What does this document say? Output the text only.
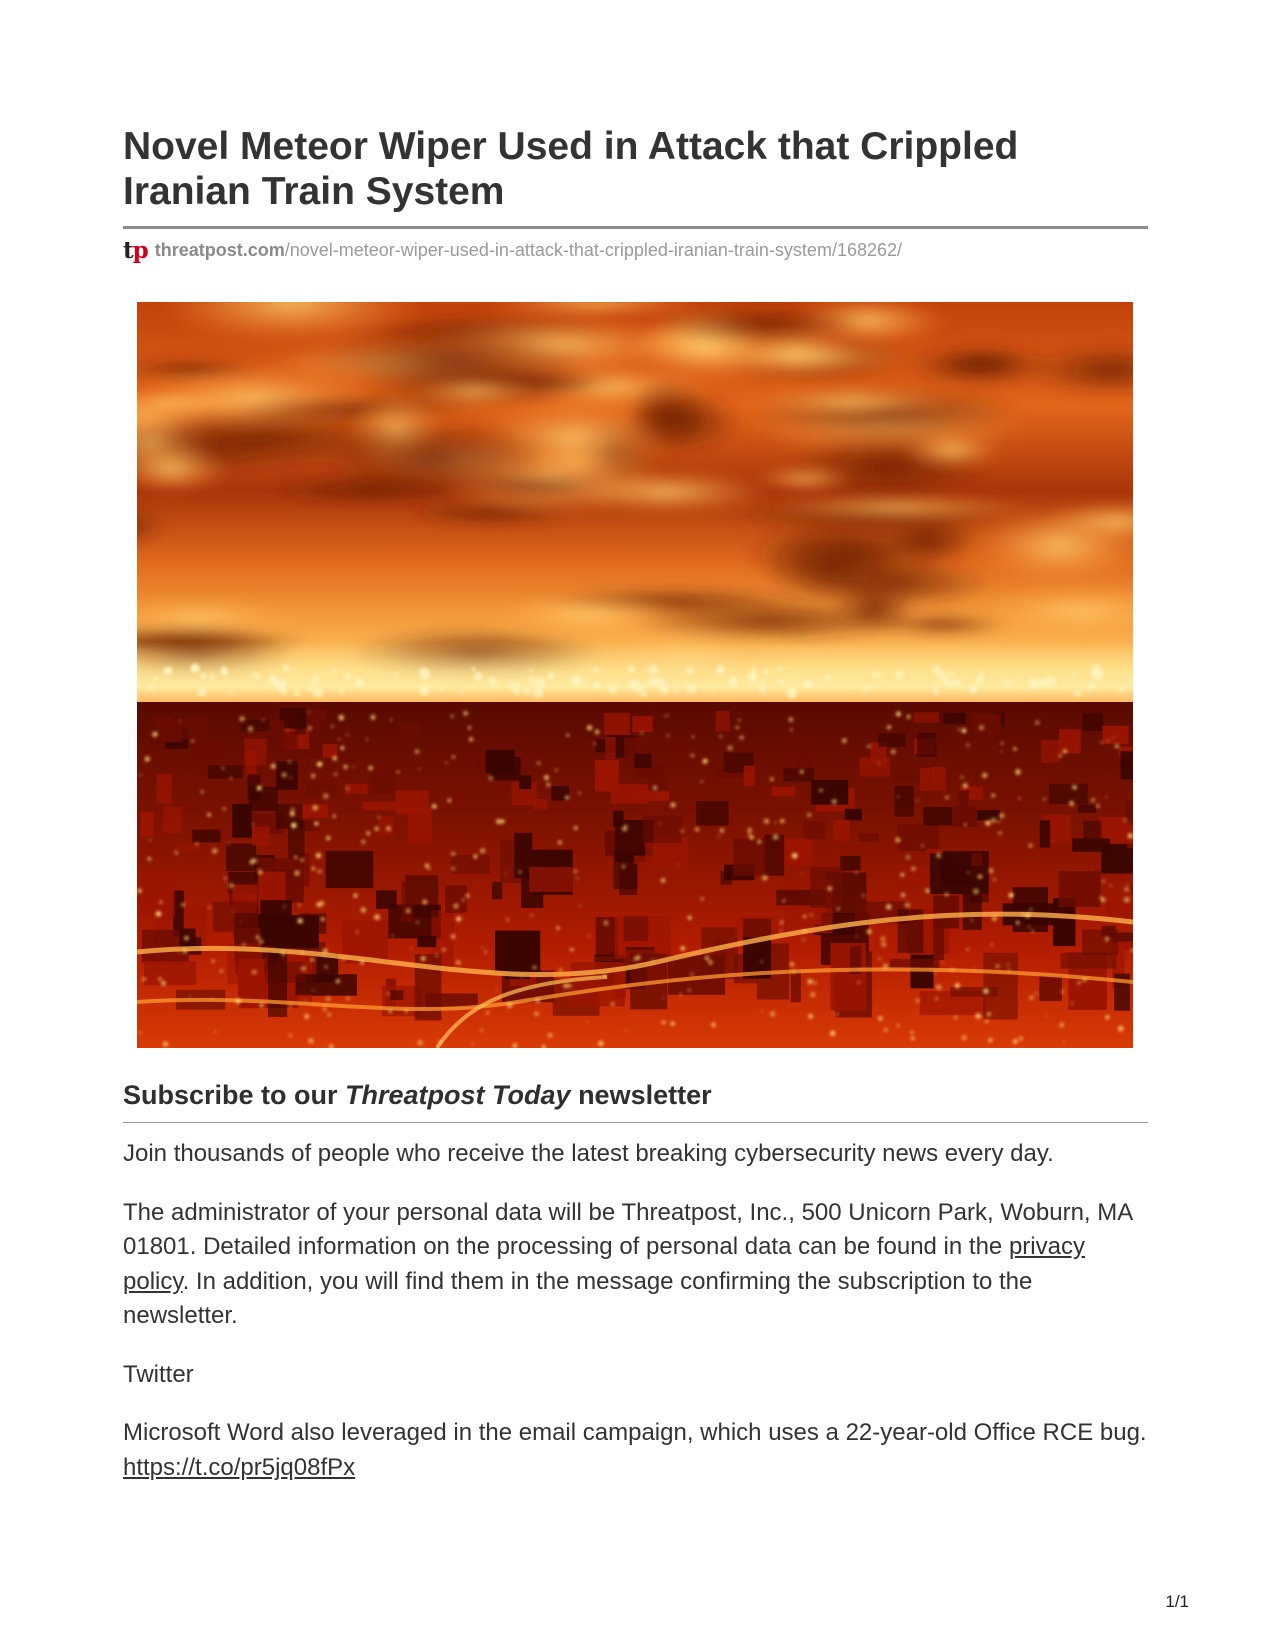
Novel Meteor Wiper Used in Attack that Crippled Iranian Train System
t p threatpost.com/novel-meteor-wiper-used-in-attack-that-crippled-iranian-train-system/168262/
Subscribe to our Threatpost Today newsletter

Join thousands of people who receive the latest breaking cybersecurity news every day.

The administrator of your personal data will be Threatpost, Inc., 500 Unicorn Park, Woburn, MA 01801. Detailed information on the processing of personal data can be found in the privacy policy. In addition, you will find them in the message confirming the subscription to the newsletter.

Twitter

Microsoft Word also leveraged in the email campaign, which uses a 22-year-old Office RCE bug. https://t.co/pr5jq08fPx

1/1
